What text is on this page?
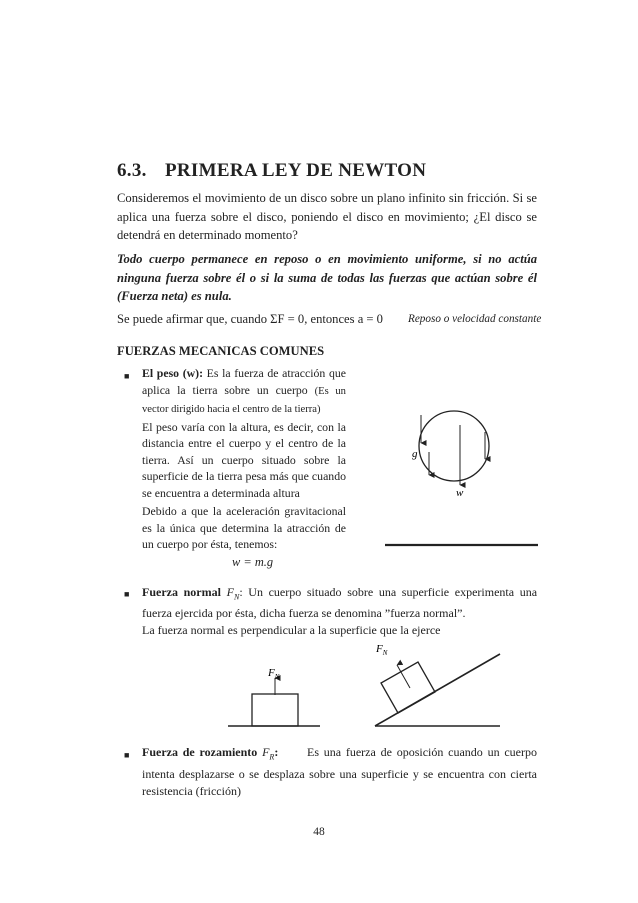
6.3. PRIMERA LEY DE NEWTON
Consideremos el movimiento de un disco sobre un plano infinito sin fricción. Si se aplica una fuerza sobre el disco, poniendo el disco en movimiento; ¿El disco se detendrá en determinado momento?
Todo cuerpo permanece en reposo o en movimiento uniforme, si no actúa ninguna fuerza sobre él o si la suma de todas las fuerzas que actúan sobre él (Fuerza neta) es nula.
Se puede afirmar que, cuando ΣF = 0, entonces a = 0 Reposo o velocidad constante
FUERZAS MECANICAS COMUNES
■ El peso (w): Es la fuerza de atracción que aplica la tierra sobre un cuerpo (Es un vector dirigido hacia el centro de la tierra)
El peso varía con la altura, es decir, con la distancia entre el cuerpo y el centro de la tierra. Así un cuerpo situado sobre la superficie de la tierra pesa más que cuando se encuentra a determinada altura
Debido a que la aceleración gravitacional es la única que determina la atracción de un cuerpo por ésta, tenemos:
w = m.g
g
w
■ Fuerza normal $F_N$: Un cuerpo situado sobre una superficie experimenta una fuerza ejercida por ésta, dicha fuerza se denomina ”fuerza normal”.
La fuerza normal es perpendicular a la superficie que la ejerce
$F_N$
$F_N$
■ Fuerza de rozamiento $F_R$: Es una fuerza de oposición cuando un cuerpo intenta desplazarse o se desplaza sobre una superficie y se encuentra con cierta resistencia (fricción)
48
